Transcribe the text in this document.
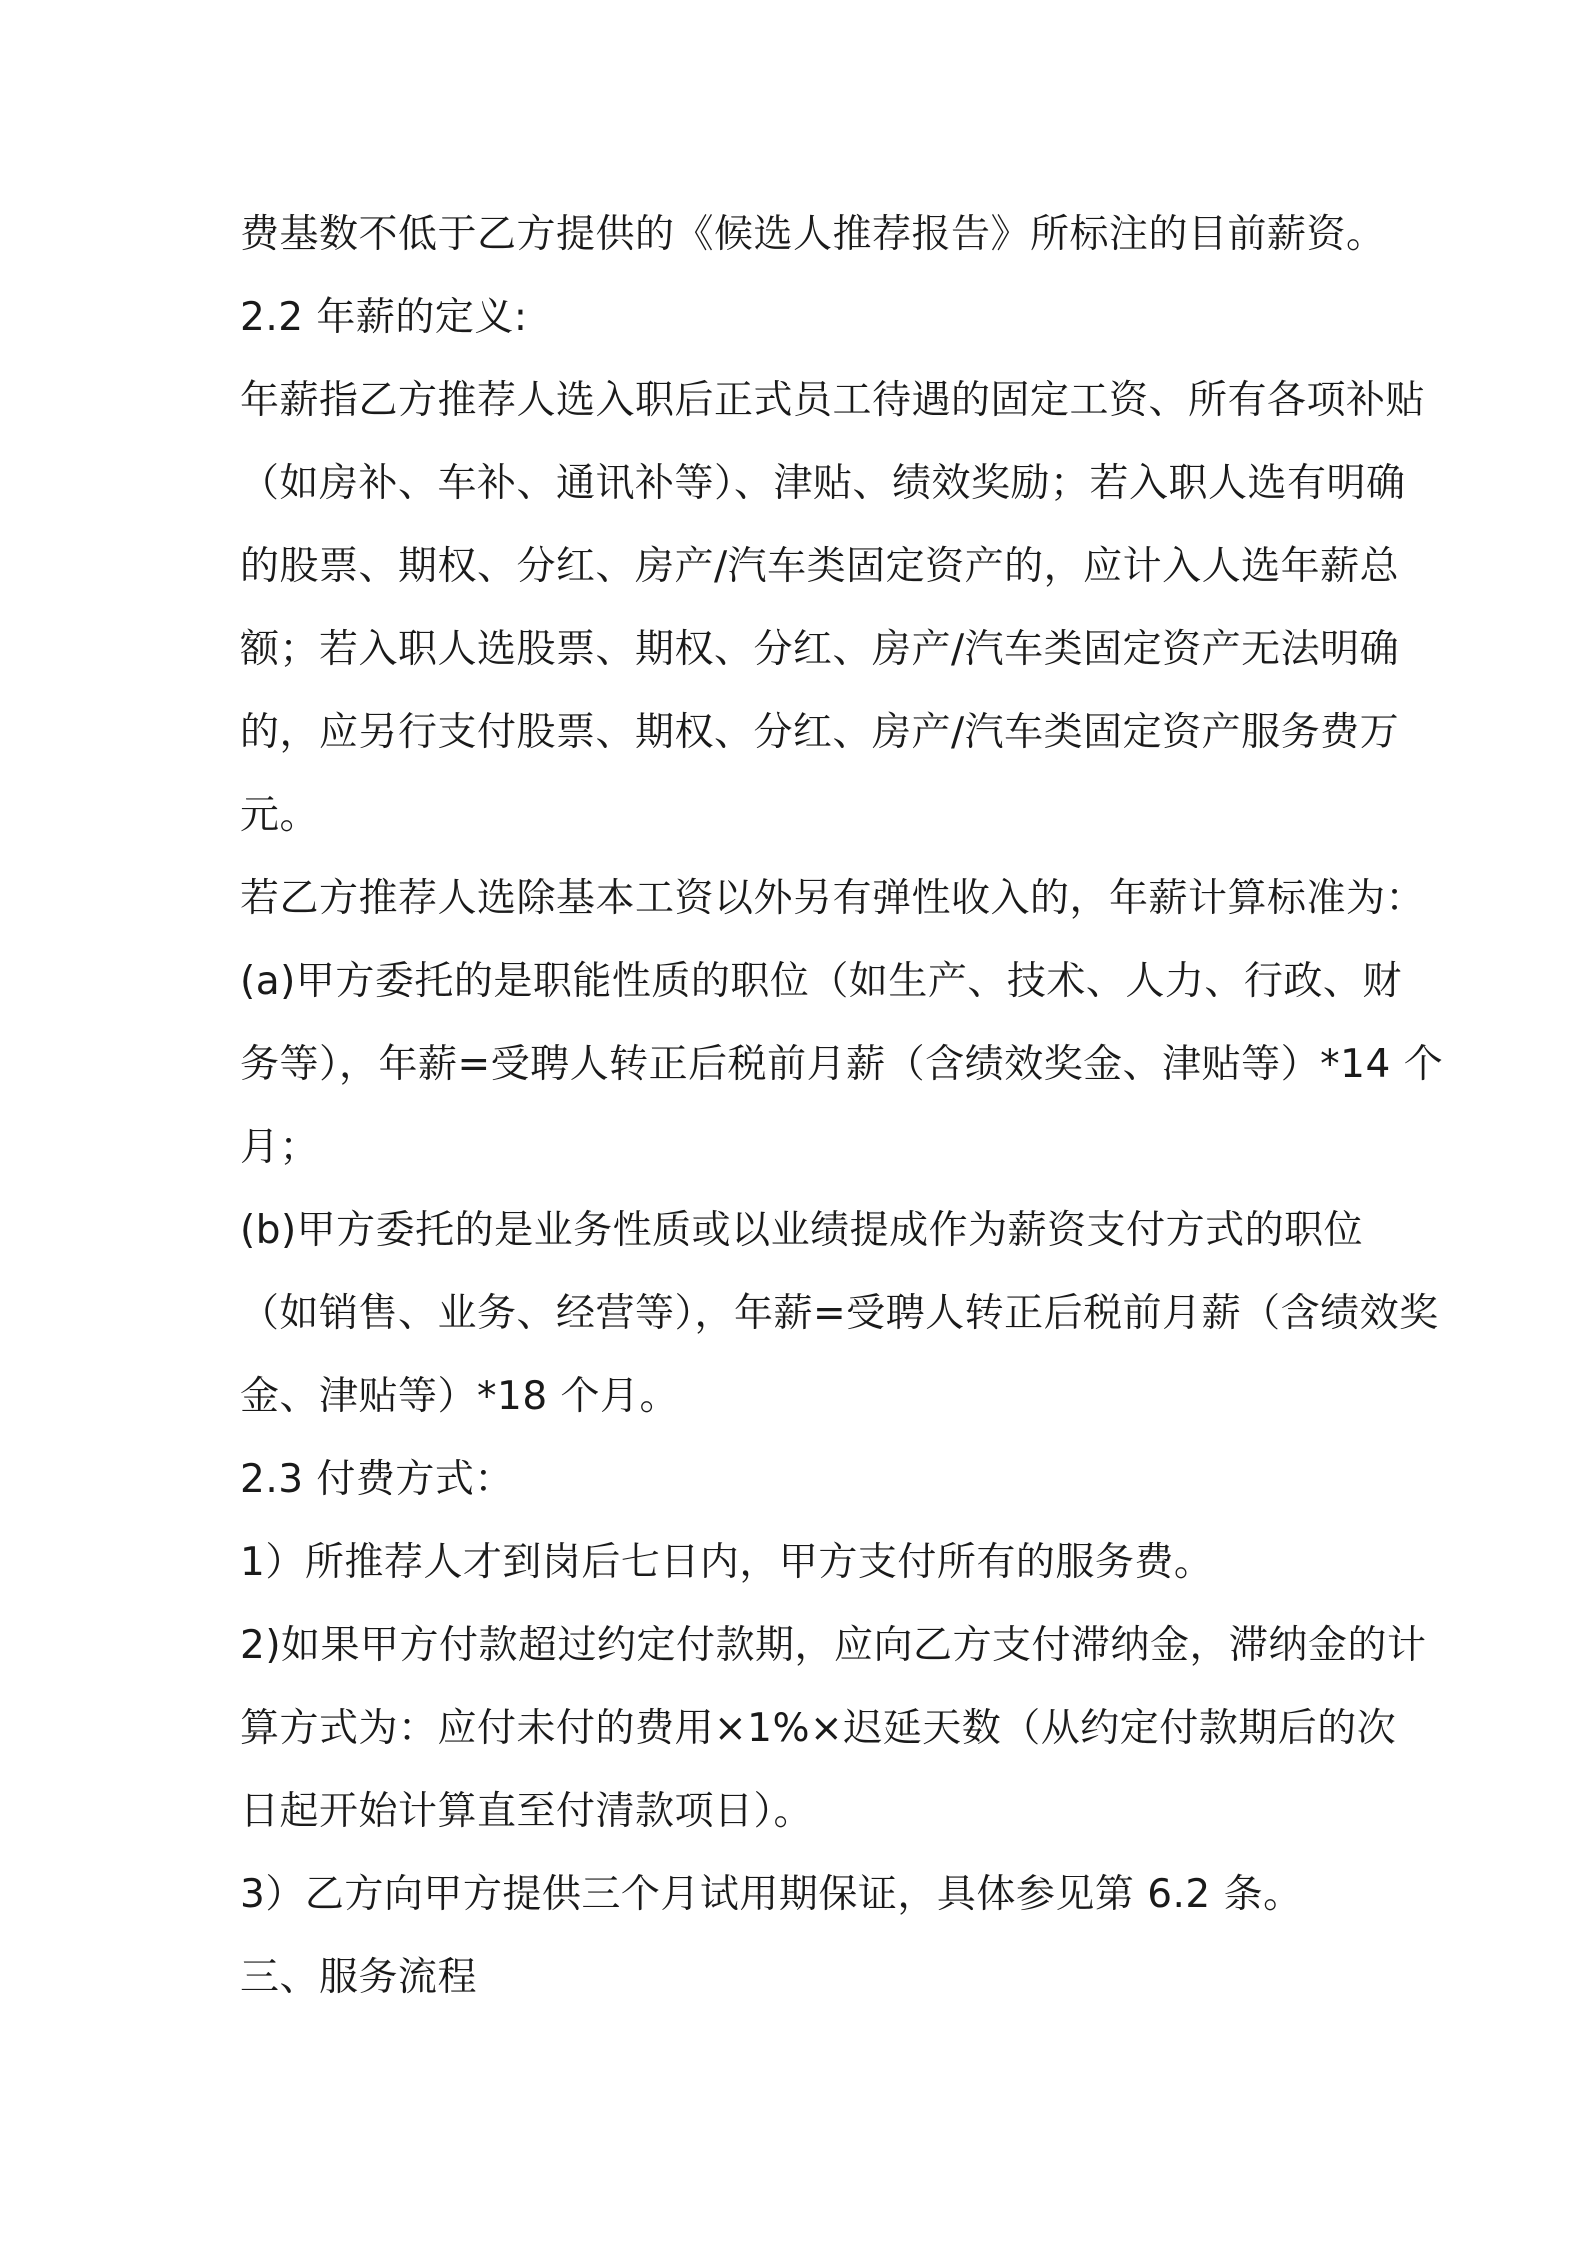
费基数不低于乙方提供的《候选人推荐报告》所标注的目前薪资。
2.2 年薪的定义:
年薪指乙方推荐人选入职后正式员工待遇的固定工资、所有各项补贴
（如房补、车补、通讯补等）、津贴、绩效奖励；若入职人选有明确
的股票、期权、分红、房产/汽车类固定资产的，应计入人选年薪总
额；若入职人选股票、期权、分红、房产/汽车类固定资产无法明确
的，应另行支付股票、期权、分红、房产/汽车类固定资产服务费万
元。
若乙方推荐人选除基本工资以外另有弹性收入的，年薪计算标准为：
(a)甲方委托的是职能性质的职位（如生产、技术、人力、行政、财
务等），年薪=受聘人转正后税前月薪（含绩效奖金、津贴等）*14 个
月；
(b)甲方委托的是业务性质或以业绩提成作为薪资支付方式的职位
（如销售、业务、经营等），年薪=受聘人转正后税前月薪（含绩效奖
金、津贴等）*18 个月。
2.3 付费方式：
1）所推荐人才到岗后七日内，甲方支付所有的服务费。
2)如果甲方付款超过约定付款期，应向乙方支付滞纳金，滞纳金的计
算方式为：应付未付的费用×1%×迟延天数（从约定付款期后的次
日起开始计算直至付清款项日）。
3）乙方向甲方提供三个月试用期保证，具体参见第 6.2 条。
三、服务流程
